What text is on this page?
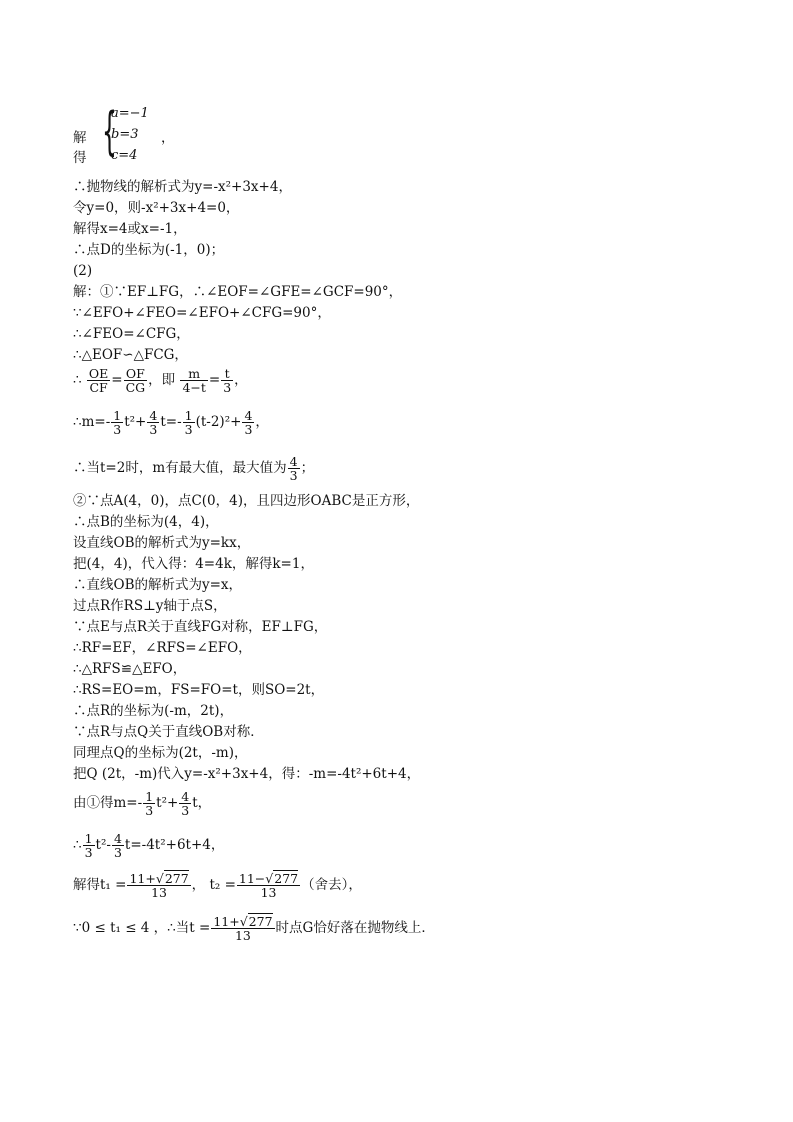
解得 {
a=−1
b=3
c=4
，
∴抛物线的解析式为y=-x²+3x+4，
令y=0，则-x²+3x+4=0，
解得x=4或x=-1，
∴点D的坐标为(-1，0)；
(2)
解：①∵EF⊥FG，∴∠EOF=∠GFE=∠GCF=90°，
∵∠EFO+∠FEO=∠EFO+∠CFG=90°，
∴∠FEO=∠CFG，
∴△EOF∽△FCG，
∴ $\frac{OE}{CF} = \frac{OF}{CG}$ ，即 $\frac{m}{4-t} = \frac{t}{3}$ ，
∴m=- $\frac{1}{3} t^2+ \frac{4}{3} t=- \frac{1}{3} (t-2)^2+ \frac{4}{3}$ ，
∴当t=2时，m有最大值，最大值为 $\frac{4}{3}$ ；
②∵点A(4，0)，点C(0，4)，且四边形OABC是正方形，
∴点B的坐标为(4，4)，
设直线OB的解析式为y=kx，
把(4，4)，代入得：4=4k，解得k=1，
∴直线OB的解析式为y=x，
过点R作RS⊥y轴于点S，
∵点E与点R关于直线FG对称，EF⊥FG，
∴RF=EF，∠RFS=∠EFO，
∴△RFS≌△EFO，
∴RS=EO=m，FS=FO=t，则SO=2t，
∴点R的坐标为(-m，2t)，
∵点R与点Q关于直线OB对称．
同理点Q的坐标为(2t，-m)，
把Q (2t，-m)代入y=-x²+3x+4，得：-m=-4t²+6t+4，
由①得$m=- \frac{1}{3} t^2+ \frac{4}{3}$ t，
∴ $\frac{1}{3} t^2- \frac{4}{3} t=-4t^2+6t+4$，
解得$t_1 = \frac{11+√277}{13}$ ， $t_2 = \frac{11-√277}{13}$ （舍去），
∵0 ≤ t₁ ≤ 4 ，∴当$t = \frac{11+√277}{13}$ 时点G恰好落在抛物线上．
